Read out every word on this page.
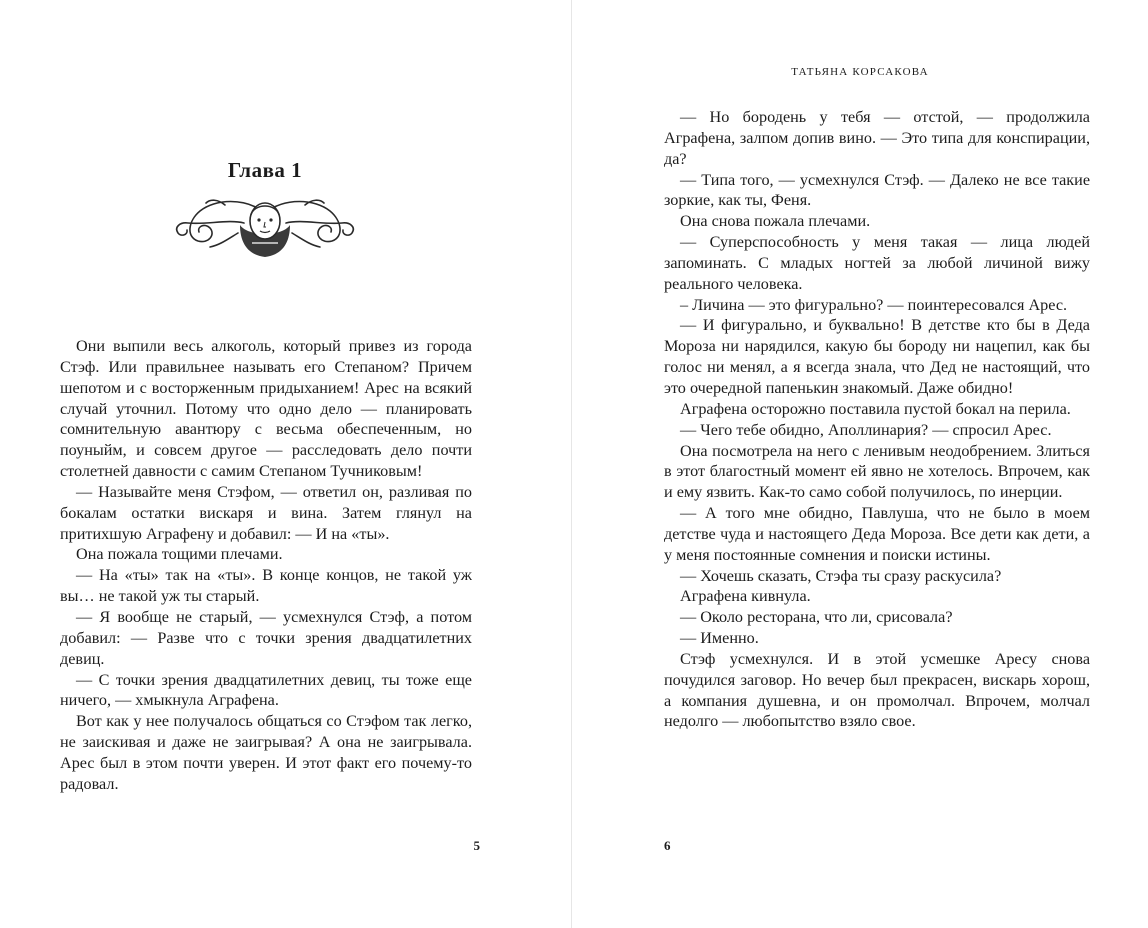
Глава 1

Они выпили весь алкоголь, который привез из города Стэф. Или правильнее называть его Степаном? Причем шепотом и с восторженным придыханием! Арес на всякий случай уточнил. Потому что одно дело — планировать сомнительную авантюру с весьма обеспеченным, но поуныйм, и совсем другое — расследовать дело почти столетней давности с самим Степаном Тучниковым!

— Называйте меня Стэфом, — ответил он, разливая по бокалам остатки вискаря и вина. Затем глянул на притихшую Аграфену и добавил: — И на «ты».

Она пожала тощими плечами.

— На «ты» так на «ты». В конце концов, не такой уж вы… не такой уж ты старый.

— Я вообще не старый, — усмехнулся Стэф, а потом добавил: — Разве что с точки зрения двадцатилетних девиц.

— С точки зрения двадцатилетних девиц, ты тоже еще ничего, — хмыкнула Аграфена.

Вот как у нее получалось общаться со Стэфом так легко, не заискивая и даже не заигрывая? А она не заигрывала. Арес был в этом почти уверен. И этот факт его почему-то радовал.

5
ТАТЬЯНА КОРСАКОВА

— Но бородень у тебя — отстой, — продолжила Аграфена, залпом допив вино. — Это типа для конспирации, да?

— Типа того, — усмехнулся Стэф. — Далеко не все такие зоркие, как ты, Феня.

Она снова пожала плечами.

— Суперспособность у меня такая — лица людей запоминать. С младых ногтей за любой личиной вижу реального человека.

– Личина — это фигурально? — поинтересовался Арес.

— И фигурально, и буквально! В детстве кто бы в Деда Мороза ни нарядился, какую бы бороду ни нацепил, как бы голос ни менял, а я всегда знала, что Дед не настоящий, что это очередной папенькин знакомый. Даже обидно!

Аграфена осторожно поставила пустой бокал на перила.

— Чего тебе обидно, Аполлинария? — спросил Арес.

Она посмотрела на него с ленивым неодобрением. Злиться в этот благостный момент ей явно не хотелось. Впрочем, как и ему язвить. Как-то само собой получилось, по инерции.

— А того мне обидно, Павлуша, что не было в моем детстве чуда и настоящего Деда Мороза. Все дети как дети, а у меня постоянные сомнения и поиски истины.

— Хочешь сказать, Стэфа ты сразу раскусила?

Аграфена кивнула.

— Около ресторана, что ли, срисовала?

— Именно.

Стэф усмехнулся. И в этой усмешке Аресу снова почудился заговор. Но вечер был прекрасен, вискарь хорош, а компания душевна, и он промолчал. Впрочем, молчал недолго — любопытство взяло свое.

6
